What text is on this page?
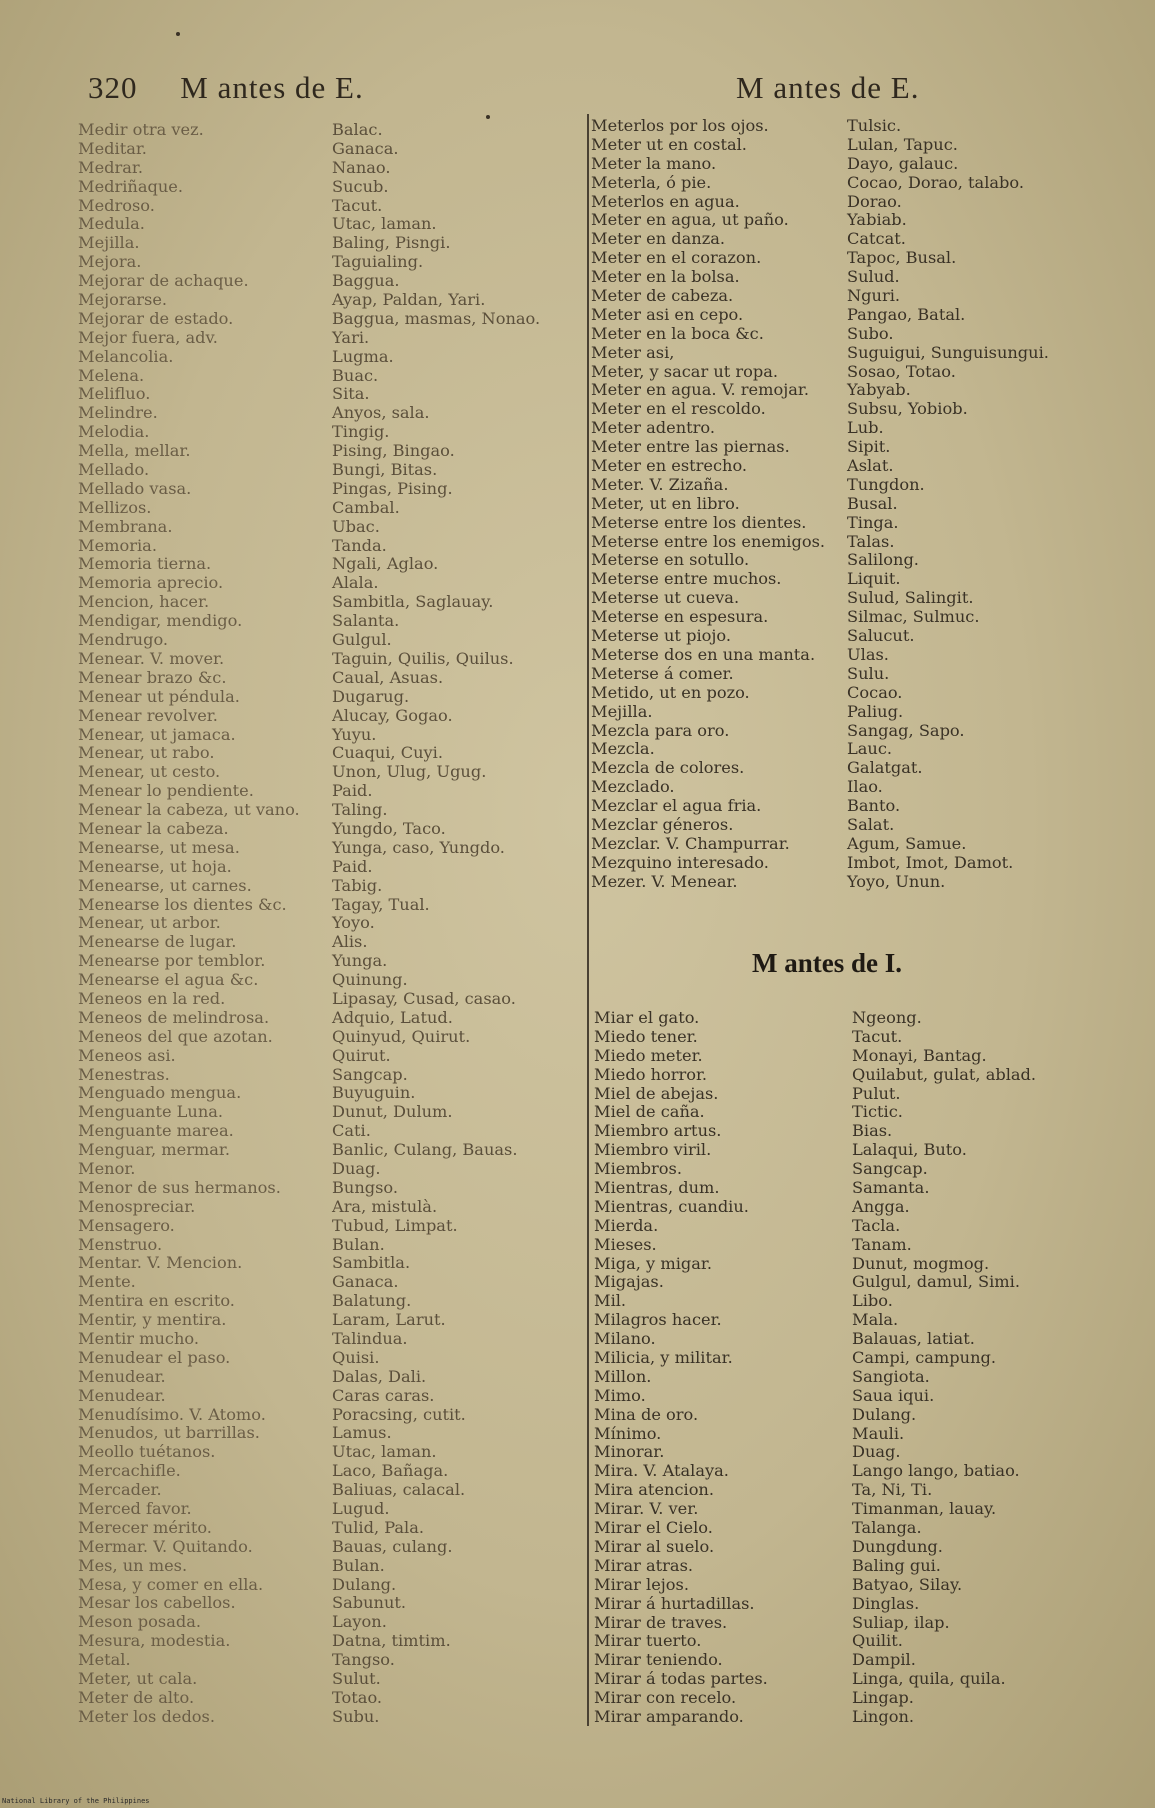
320 M antes de E.	M antes de E.
Medir otra vez.	Balac.
Meditar.	Ganaca.
Medrar.	Nanao.
Medriñaque.	Sucub.
Medroso.	Tacut.
Medula.	Utac, laman.
Mejilla.	Baling, Pisngi.
Mejora.	Taguialing.
Mejorar de achaque.	Baggua.
Mejorarse.	Ayap, Paldan, Yari.
Mejorar de estado.	Baggua, masmas, Nonao.
Mejor fuera, adv.	Yari.
Melancolia.	Lugma.
Melena.	Buac.
Melifluo.	Sita.
Melindre.	Anyos, sala.
Melodia.	Tingig.
Mella, mellar.	Pising, Bingao.
Mellado.	Bungi, Bitas.
Mellado vasa.	Pingas, Pising.
Mellizos.	Cambal.
Membrana.	Ubac.
Memoria.	Tanda.
Memoria tierna.	Ngali, Aglao.
Memoria aprecio.	Alala.
Mencion, hacer.	Sambitla, Saglauay.
Mendigar, mendigo.	Salanta.
Mendrugo.	Gulgul.
Menear. V. mover.	Taguin, Quilis, Quilus.
Menear brazo &c.	Caual, Asuas.
Menear ut péndula.	Dugarug.
Menear revolver.	Alucay, Gogao.
Menear, ut jamaca.	Yuyu.
Menear, ut rabo.	Cuaqui, Cuyi.
Menear, ut cesto.	Unon, Ulug, Ugug.
Menear lo pendiente.	Paid.
Menear la cabeza, ut vano. Taling.
Menear la cabeza.	Yungdo, Taco.
Menearse, ut mesa.	Yunga, caso, Yungdo.
Menearse, ut hoja.	Paid.
Menearse, ut carnes.	Tabig.
Menearse los dientes &c.	Tagay, Tual.
Menear, ut arbor.	Yoyo.
Menearse de lugar.	Alis.
Menearse por temblor.	Yunga.
Menearse el agua &c.	Quinung.
Meneos en la red.	Lipasay, Cusad, casao.
Meneos de melindrosa.	Adquio, Latud.
Meneos del que azotan.	Quinyud, Quirut.
Meneos asi.	Quirut.
Menestras.	Sangcap.
Menguado mengua.	Buyuguin.
Menguante Luna.	Dunut, Dulum.
Menguante marea.	Cati.
Menguar, mermar.	Banlic, Culang, Bauas.
Menor.	Duag.
Menor de sus hermanos.	Bungso.
Menospreciar.	Ara, mistulà.
Mensagero.	Tubud, Limpat.
Menstruo.	Bulan.
Mentar. V. Mencion.	Sambitla.
Mente.	Ganaca.
Mentira en escrito.	Balatung.
Mentir, y mentira.	Laram, Larut.
Mentir mucho.	Talindua.
Menudear el paso.	Quisi.
Menudear.	Dalas, Dali.
Menudear.	Caras caras.
Menudísimo. V. Atomo.	Poracsing, cutit.
Menudos, ut barrillas.	Lamus.
Meollo tuétanos.	Utac, laman.
Mercachifle.	Laco, Bañaga.
Mercader.	Baliuas, calacal.
Merced favor.	Lugud.
Merecer mérito.	Tulid, Pala.
Mermar. V. Quitando.	Bauas, culang.
Mes, un mes.	Bulan.
Mesa, y comer en ella.	Dulang.
Mesar los cabellos.	Sabunut.
Meson posada.	Layon.
Mesura, modestia.	Datna, timtim.
Metal.	Tangso.
Meter, ut cala.	Sulut.
Meter de alto.	Totao.
Meter los dedos.	Subu.
Meterlos por los ojos.	Tulsic.
Meter ut en costal.	Lulan, Tapuc.
Meter la mano.	Dayo, galauc.
Meterla, ó pie.	Cocao, Dorao, talabo.
Meterlos en agua.	Dorao.
Meter en agua, ut paño.	Yabiab.
Meter en danza.	Catcat.
Meter en el corazon.	Tapoc, Busal.
Meter en la bolsa.	Sulud.
Meter de cabeza.	Nguri.
Meter asi en cepo.	Pangao, Batal.
Meter en la boca &c.	Subo.
Meter asi,	Suguigui, Sunguisungui.
Meter, y sacar ut ropa.	Sosao, Totao.
Meter en agua. V. remojar. Yabyab.
Meter en el rescoldo.	Subsu, Yobiob.
Meter adentro.	Lub.
Meter entre las piernas.	Sipit.
Meter en estrecho.	Aslat.
Meter. V. Zizaña.	Tungdon.
Meter, ut en libro.	Busal.
Meterse entre los dientes.	Tinga.
Meterse entre los enemigos. Talas.
Meterse en sotullo.	Salilong.
Meterse entre muchos.	Liquit.
Meterse ut cueva.	Sulud, Salingit.
Meterse en espesura.	Silmac, Sulmuc.
Meterse ut piojo.	Salucut.
Meterse dos en una manta. Ulas.
Meterse á comer.	Sulu.
Metido, ut en pozo.	Cocao.
Mejilla.	Paliug.
Mezcla para oro.	Sangag, Sapo.
Mezcla.	Lauc.
Mezcla de colores.	Galatgat.
Mezclado.	Ilao.
Mezclar el agua fria.	Banto.
Mezclar géneros.	Salat.
Mezclar. V. Champurrar.	Agum, Samue.
Mezquino interesado.	Imbot, Imot, Damot.
Mezer. V. Menear.	Yoyo, Unun.
M antes de I.
Miar el gato.	Ngeong.
Miedo tener.	Tacut.
Miedo meter.	Monayi, Bantag.
Miedo horror.	Quilabut, gulat, ablad.
Miel de abejas.	Pulut.
Miel de caña.	Tictic.
Miembro artus.	Bias.
Miembro viril.	Lalaqui, Buto.
Miembros.	Sangcap.
Mientras, dum.	Samanta.
Mientras, cuandiu.	Angga.
Mierda.	Tacla.
Mieses.	Tanam.
Miga, y migar.	Dunut, mogmog.
Migajas.	Gulgul, damul, Simi.
Mil.	Libo.
Milagros hacer.	Mala.
Milano.	Balauas, latiat.
Milicia, y militar.	Campi, campung.
Millon.	Sangiota.
Mimo.	Saua iqui.
Mina de oro.	Dulang.
Mínimo.	Mauli.
Minorar.	Duag.
Mira. V. Atalaya.	Lango lango, batiao.
Mira atencion.	Ta, Ni, Ti.
Mirar. V. ver.	Timanman, lauay.
Mirar el Cielo.	Talanga.
Mirar al suelo.	Dungdung.
Mirar atras.	Baling gui.
Mirar lejos.	Batyao, Silay.
Mirar á hurtadillas.	Dinglas.
Mirar de traves.	Suliap, ilap.
Mirar tuerto.	Quilit.
Mirar teniendo.	Dampil.
Mirar á todas partes.	Linga, quila, quila.
Mirar con recelo.	Lingap.
Mirar amparando.	Lingon.
National Library of the Philippines
